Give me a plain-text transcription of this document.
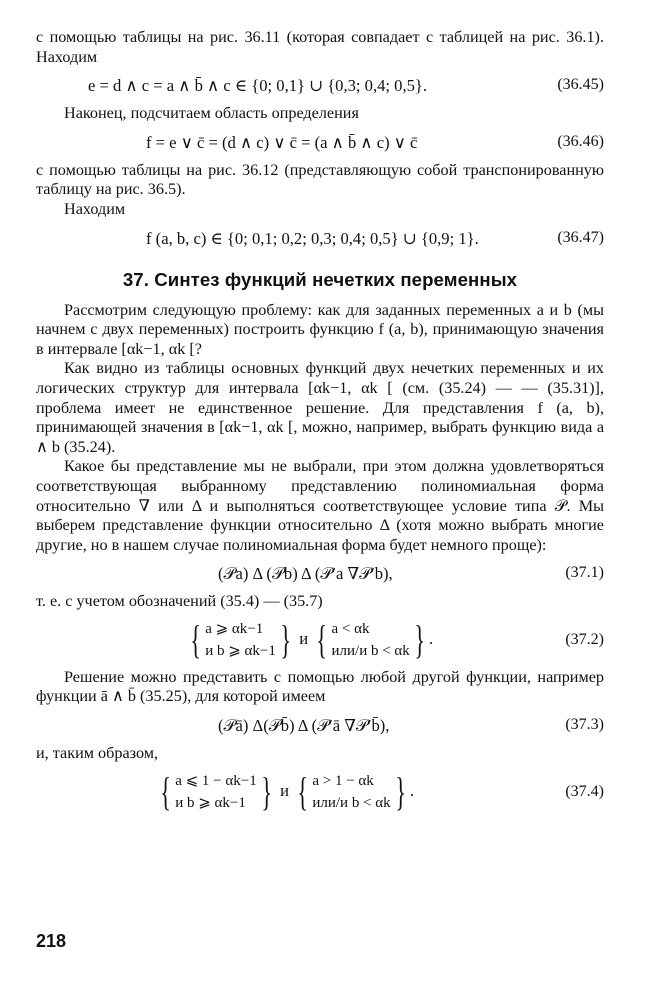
с помощью таблицы на рис. 36.11 (которая совпадает с таблицей на рис. 36.1). Находим

e = d ∧ c = a ∧ b̄ ∧ c ∈ {0; 0,1} ∪ {0,3; 0,4; 0,5}.	(36.45)

Наконец, подсчитаем область определения

f = e ∨ c̄ = (d ∧ c) ∨ c̄ = (a ∧ b̄ ∧ c) ∨ c̄	(36.46)

с помощью таблицы на рис. 36.12 (представляющую собой транспонированную таблицу на рис. 36.5).

Находим

f (a, b, c) ∈ {0; 0,1; 0,2; 0,3; 0,4; 0,5} ∪ {0,9; 1}.	(36.47)
37. Синтез функций нечетких переменных

Рассмотрим следующую проблему: как для заданных переменных a и b (мы начнем с двух переменных) построить функцию f (a, b), принимающую значения в интервале [αk−1, αk [?

Как видно из таблицы основных функций двух нечетких переменных и их логических структур для интервала [αk−1, αk [ (см. (35.24) — — (35.31)], проблема имеет не единственное решение. Для представления f (a, b), принимающей значения в [αk−1, αk [, можно, например, выбрать функцию вида a ∧ b (35.24).

Какое бы представление мы не выбрали, при этом должна удовлетворяться соответствующая выбранному представлению полиномиальная форма относительно ∇ или Δ и выполняться соответствующее условие типа 𝒫. Мы выберем представление функции относительно Δ (хотя можно выбрать многие другие, но в нашем случае полиномиальная форма будет немного проще):

(𝒫a) Δ (𝒫b) Δ (𝒫′a ∇𝒫′b),	(37.1)

т. е. с учетом обозначений (35.4) — (35.7)

{ a ⩾ αk−1
и b ⩾ αk−1 } и { a < αk
или/и b < αk } .	(37.2)

Решение можно представить с помощью любой другой функции, например функции ā ∧ b̄ (35.25), для которой имеем

(𝒫ā) Δ(𝒫b̄) Δ (𝒫′ā ∇𝒫′b̄),	(37.3)

и, таким образом,

{ a ⩽ 1 − αk−1
и b ⩾ αk−1 } и { a > 1 − αk
или/и b < αk } .	(37.4)
218
